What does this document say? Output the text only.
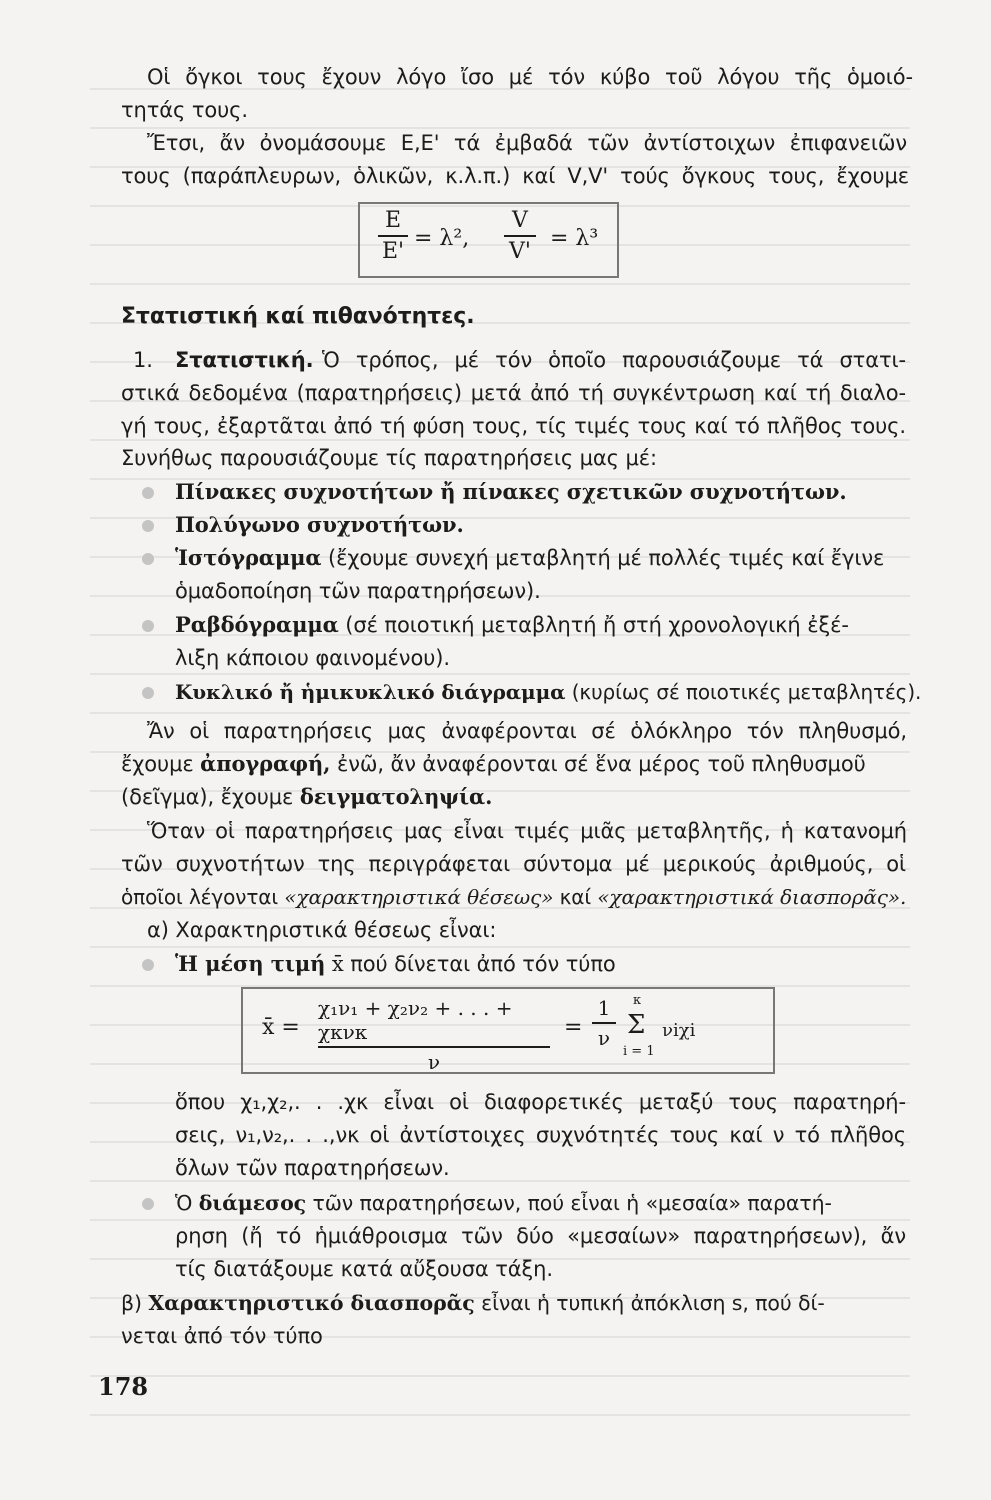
Οἱ ὄγκοι τους ἔχουν λόγο ἴσο μέ τόν κύβο τοῦ λόγου τῆς ὁμοιό-
τητάς τους.
Ἔτσι, ἄν ὀνομάσουμε Ε,Ε' τά ἐμβαδά τῶν ἀντίστοιχων ἐπιφανειῶν
τους (παράπλευρων, ὁλικῶν, κ.λ.π.) καί V,V' τούς ὄγκους τους, ἔχουμε
E
E'
= λ²,
V
V'
= λ³
Στατιστική καί πιθανότητες.
1. Στατιστική. Ὁ τρόπος, μέ τόν ὁποῖο παρουσιάζουμε τά στατι-
στικά δεδομένα (παρατηρήσεις) μετά ἀπό τή συγκέντρωση καί τή διαλο-
γή τους, ἐξαρτᾶται ἀπό τή φύση τους, τίς τιμές τους καί τό πλῆθος τους.
Συνήθως παρουσιάζουμε τίς παρατηρήσεις μας μέ:
Πίνακες συχνοτήτων ἤ πίνακες σχετικῶν συχνοτήτων.
Πολύγωνο συχνοτήτων.
Ἱστόγραμμα (ἔχουμε συνεχή μεταβλητή μέ πολλές τιμές καί ἔγινε
ὁμαδοποίηση τῶν παρατηρήσεων).
Ραβδόγραμμα (σέ ποιοτική μεταβλητή ἤ στή χρονολογική ἐξέ-
λιξη κάποιου φαινομένου).
Κυκλικό ἤ ἡμικυκλικό διάγραμμα (κυρίως σέ ποιοτικές μεταβλητές).
Ἄν οἱ παρατηρήσεις μας ἀναφέρονται σέ ὁλόκληρο τόν πληθυσμό,
ἔχουμε ἀπογραφή, ἐνῶ, ἄν ἀναφέρονται σέ ἕνα μέρος τοῦ πληθυσμοῦ
(δεῖγμα), ἔχουμε δειγματοληψία.
Ὅταν οἱ παρατηρήσεις μας εἶναι τιμές μιᾶς μεταβλητῆς, ἡ κατανομή
τῶν συχνοτήτων της περιγράφεται σύντομα μέ μερικούς ἀριθμούς, οἱ
ὁποῖοι λέγονται «χαρακτηριστικά θέσεως» καί «χαρακτηριστικά διασπορᾶς».
α) Χαρακτηριστικά θέσεως εἶναι:
Ἡ μέση τιμή x̄ πού δίνεται ἀπό τόν τύπο
x̄ =
χ₁ν₁ + χ₂ν₂ + . . . + χκνκ
ν
=
1
ν
κ
Σ
i = 1
νiχi
ὅπου χ₁,χ₂,. . .χκ εἶναι οἱ διαφορετικές μεταξύ τους παρατηρή-
σεις, ν₁,ν₂,. . .,νκ οἱ ἀντίστοιχες συχνότητές τους καί ν τό πλῆθος
ὅλων τῶν παρατηρήσεων.
Ὁ διάμεσος τῶν παρατηρήσεων, πού εἶναι ἡ «μεσαία» παρατή-
ρηση (ἤ τό ἡμιάθροισμα τῶν δύο «μεσαίων» παρατηρήσεων), ἄν
τίς διατάξουμε κατά αὔξουσα τάξη.
β) Χαρακτηριστικό διασπορᾶς εἶναι ἡ τυπική ἀπόκλιση s, πού δί-
νεται ἀπό τόν τύπο
178
